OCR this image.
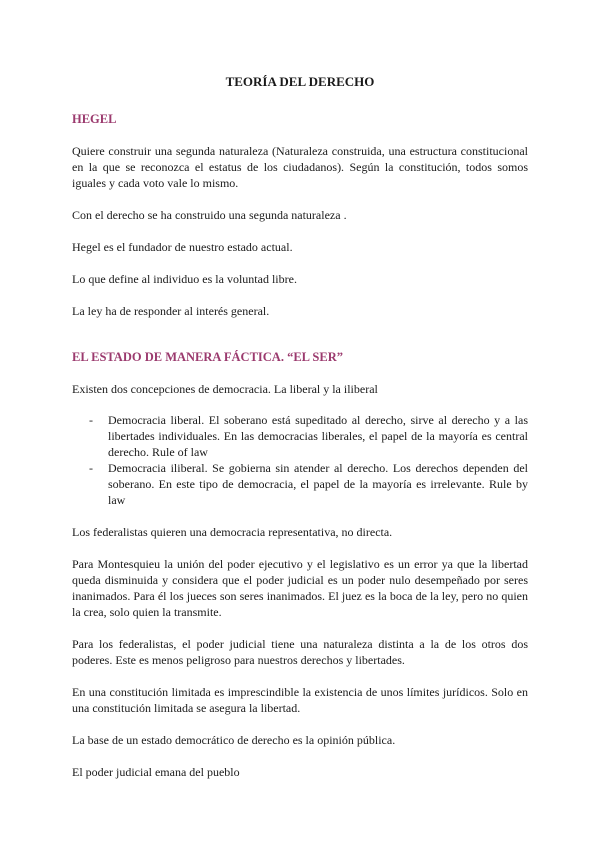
TEORÍA DEL DERECHO
HEGEL

Quiere construir una segunda naturaleza (Naturaleza construida, una estructura constitucional en la que se reconozca el estatus de los ciudadanos). Según la constitución, todos somos iguales y cada voto vale lo mismo.

Con el derecho se ha construido una segunda naturaleza .

Hegel es el fundador de nuestro estado actual.

Lo que define al individuo es la voluntad libre.

La ley ha de responder al interés general.

EL ESTADO DE MANERA FÁCTICA. “EL SER”

Existen dos concepciones de democracia. La liberal y la iliberal

- Democracia liberal. El soberano está supeditado al derecho, sirve al derecho y a las libertades individuales. En las democracias liberales, el papel de la mayoría es central derecho. Rule of law
- Democracia iliberal. Se gobierna sin atender al derecho. Los derechos dependen del soberano. En este tipo de democracia, el papel de la mayoría es irrelevante. Rule by law

Los federalistas quieren una democracia representativa, no directa.

Para Montesquieu la unión del poder ejecutivo y el legislativo es un error ya que la libertad queda disminuida y considera que el poder judicial es un poder nulo desempeñado por seres inanimados. Para él los jueces son seres inanimados. El juez es la boca de la ley, pero no quien la crea, solo quien la transmite.

Para los federalistas, el poder judicial tiene una naturaleza distinta a la de los otros dos poderes. Este es menos peligroso para nuestros derechos y libertades.

En una constitución limitada es imprescindible la existencia de unos límites jurídicos. Solo en una constitución limitada se asegura la libertad.

La base de un estado democrático de derecho es la opinión pública.

El poder judicial emana del pueblo
